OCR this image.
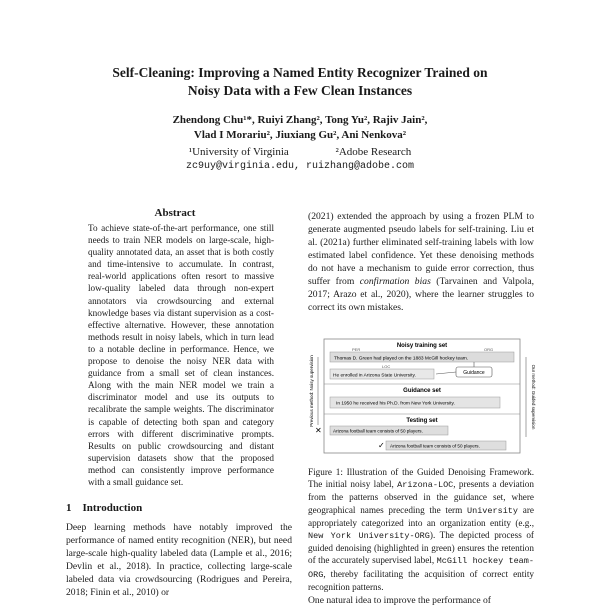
Self-Cleaning: Improving a Named Entity Recognizer Trained on
Noisy Data with a Few Clean Instances
Zhendong Chu¹*, Ruiyi Zhang², Tong Yu², Rajiv Jain²,
Vlad I Morariu², Jiuxiang Gu², Ani Nenkova²
¹University of Virginia	²Adobe Research
zc9uy@virginia.edu, ruizhang@adobe.com
Abstract
To achieve state-of-the-art performance, one still needs to train NER models on large-scale, high-quality annotated data, an asset that is both costly and time-intensive to accumulate. In contrast, real-world applications often resort to massive low-quality labeled data through non-expert annotators via crowdsourcing and external knowledge bases via distant supervision as a cost-effective alternative. However, these annotation methods result in noisy labels, which in turn lead to a notable decline in performance. Hence, we propose to denoise the noisy NER data with guidance from a small set of clean instances. Along with the main NER model we train a discriminator model and use its outputs to recalibrate the sample weights. The discriminator is capable of detecting both span and category errors with different discriminative prompts. Results on public crowdsourcing and distant supervision datasets show that the proposed method can consistently improve performance with a small guidance set.
1 Introduction
Deep learning methods have notably improved the performance of named entity recognition (NER), but need large-scale high-quality labeled data (Lample et al., 2016; Devlin et al., 2018). In practice, collecting large-scale labeled data via crowdsourcing (Rodrigues and Pereira, 2018; Finin et al., 2010) or
(2021) extended the approach by using a frozen PLM to generate augmented pseudo labels for self-training. Liu et al. (2021a) further eliminated self-training labels with low estimated label confidence. Yet these denoising methods do not have a mechanism to guide error correction, thus suffer from confirmation bias (Tarvainen and Valpola, 2017; Arazo et al., 2020), where the learner struggles to correct its own mistakes.
Noisy training set
Thomas D. Green had played on the 1883 McGill hockey team.
PER	ORG
He enrolled in Arizona State University.
LOC
Guidance
Guidance set
In 1950 he received his Ph.D. from New York University.
Testing set
✕ Arizona football team consists of 50 players.
Arizona football team consists of 50 players.
✓
Previous method: Noisy supervision	Our method: Guided supervision
Figure 1: Illustration of the Guided Denoising Framework. The initial noisy label, Arizona-LOC, presents a deviation from the patterns observed in the guidance set, where geographical names preceding the term University are appropriately categorized into an organization entity (e.g., New York University-ORG). The depicted process of guided denoising (highlighted in green) ensures the retention of the accurately supervised label, McGill hockey team-ORG, thereby facilitating the acquisition of correct entity recognition patterns.
One natural idea to improve the performance of
